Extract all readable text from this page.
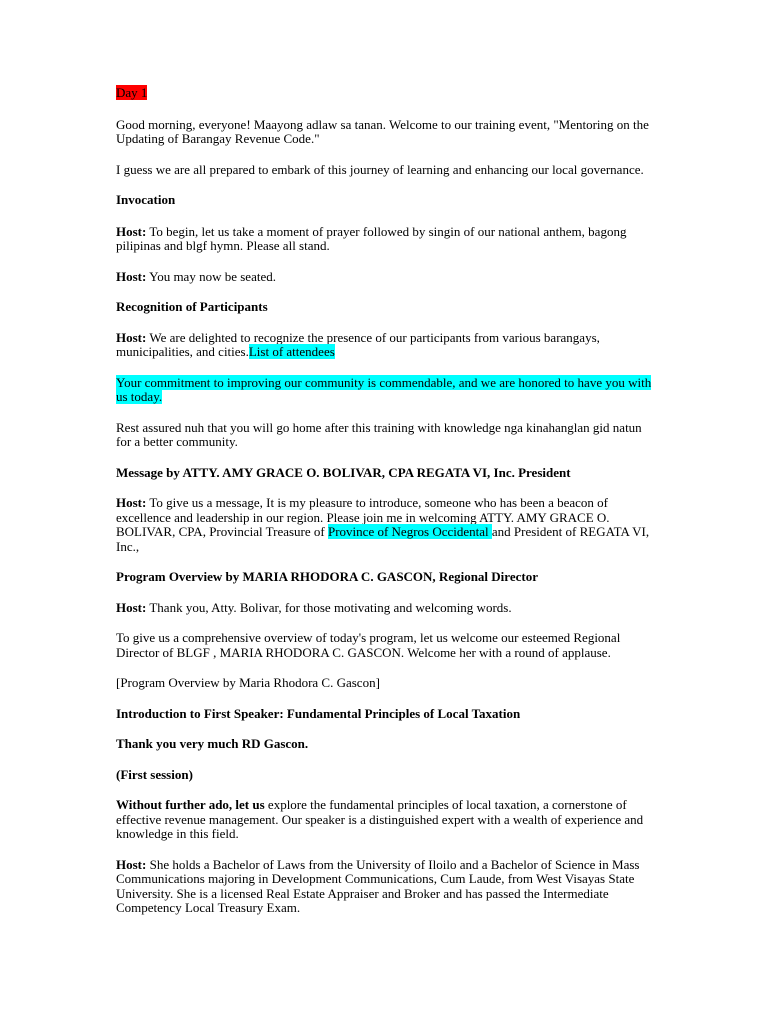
Day 1

Good morning, everyone! Maayong adlaw sa tanan. Welcome to our training event, "Mentoring on the Updating of Barangay Revenue Code."

I guess we are all prepared to embark of this journey of learning and enhancing our local governance.

Invocation

Host: To begin, let us take a moment of prayer followed by singin of our national anthem, bagong pilipinas and blgf hymn. Please all stand.

Host: You may now be seated.

Recognition of Participants

Host: We are delighted to recognize the presence of our participants from various barangays, municipalities, and cities.List of attendees

Your commitment to improving our community is commendable, and we are honored to have you with us today.

Rest assured nuh that you will go home after this training with knowledge nga kinahanglan gid natun for a better community.

Message by ATTY. AMY GRACE O. BOLIVAR, CPA REGATA VI, Inc. President

Host: To give us a message, It is my pleasure to introduce, someone who has been a beacon of excellence and leadership in our region. Please join me in welcoming ATTY. AMY GRACE O. BOLIVAR, CPA, Provincial Treasure of Province of Negros Occidental and President of REGATA VI, Inc.,

Program Overview by MARIA RHODORA C. GASCON, Regional Director

Host: Thank you, Atty. Bolivar, for those motivating and welcoming words.

To give us a comprehensive overview of today's program, let us welcome our esteemed Regional Director of BLGF , MARIA RHODORA C. GASCON. Welcome her with a round of applause.

[Program Overview by Maria Rhodora C. Gascon]

Introduction to First Speaker: Fundamental Principles of Local Taxation

Thank you very much RD Gascon.

(First session)

Without further ado, let us explore the fundamental principles of local taxation, a cornerstone of effective revenue management. Our speaker is a distinguished expert with a wealth of experience and knowledge in this field.

Host: She holds a Bachelor of Laws from the University of Iloilo and a Bachelor of Science in Mass Communications majoring in Development Communications, Cum Laude, from West Visayas State University. She is a licensed Real Estate Appraiser and Broker and has passed the Intermediate Competency Local Treasury Exam.
